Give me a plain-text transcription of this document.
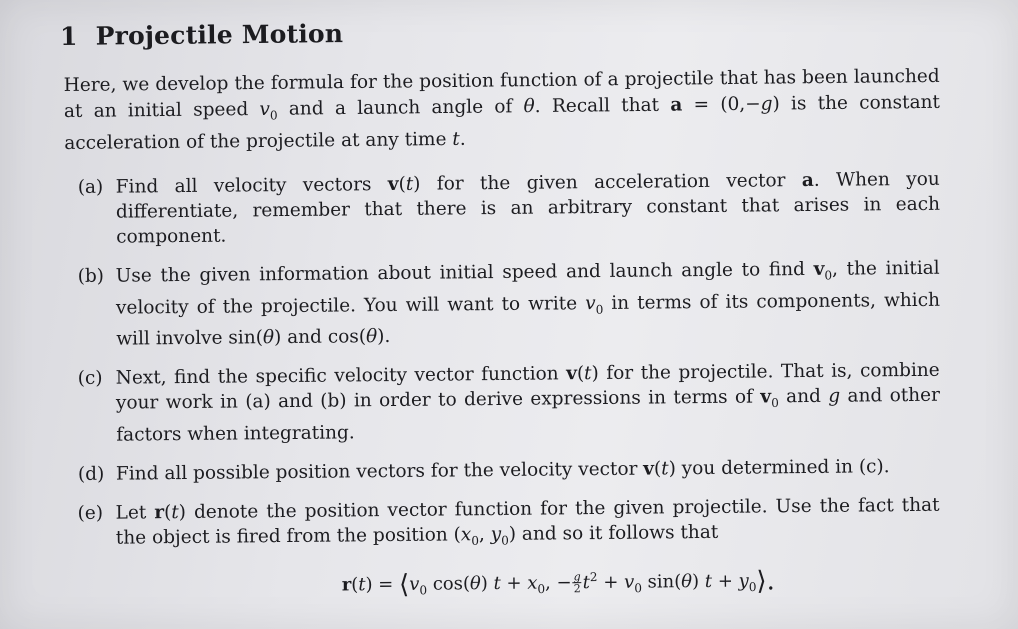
1 Projectile Motion

Here, we develop the formula for the position function of a projectile that has been launched at an initial speed $v_0$ and a launch angle of θ. Recall that a = (0,−g) is the constant acceleration of the projectile at any time t.

(a) Find all velocity vectors v(t) for the given acceleration vector a. When you differentiate, remember that there is an arbitrary constant that arises in each component.
(b) Use the given information about initial speed and launch angle to find $v_0$, the initial velocity of the projectile. You will want to write $v_0$ in terms of its components, which will involve sin(θ) and cos(θ).
(c) Next, find the specific velocity vector function v(t) for the projectile. That is, combine your work in (a) and (b) in order to derive expressions in terms of $v_0$ and g and other factors when integrating.
(d) Find all possible position vectors for the velocity vector v(t) you determined in (c).
(e) Let r(t) denote the position vector function for the given projectile. Use the fact that the object is fired from the position ($x_0$, $y_0$) and so it follows that
$r(t) = ⟨v_0$ cos(θ) $t + x_0$, − $\frac{g}{2} t^2 + v_0$ sin(θ) $t + y_0⟩$.
